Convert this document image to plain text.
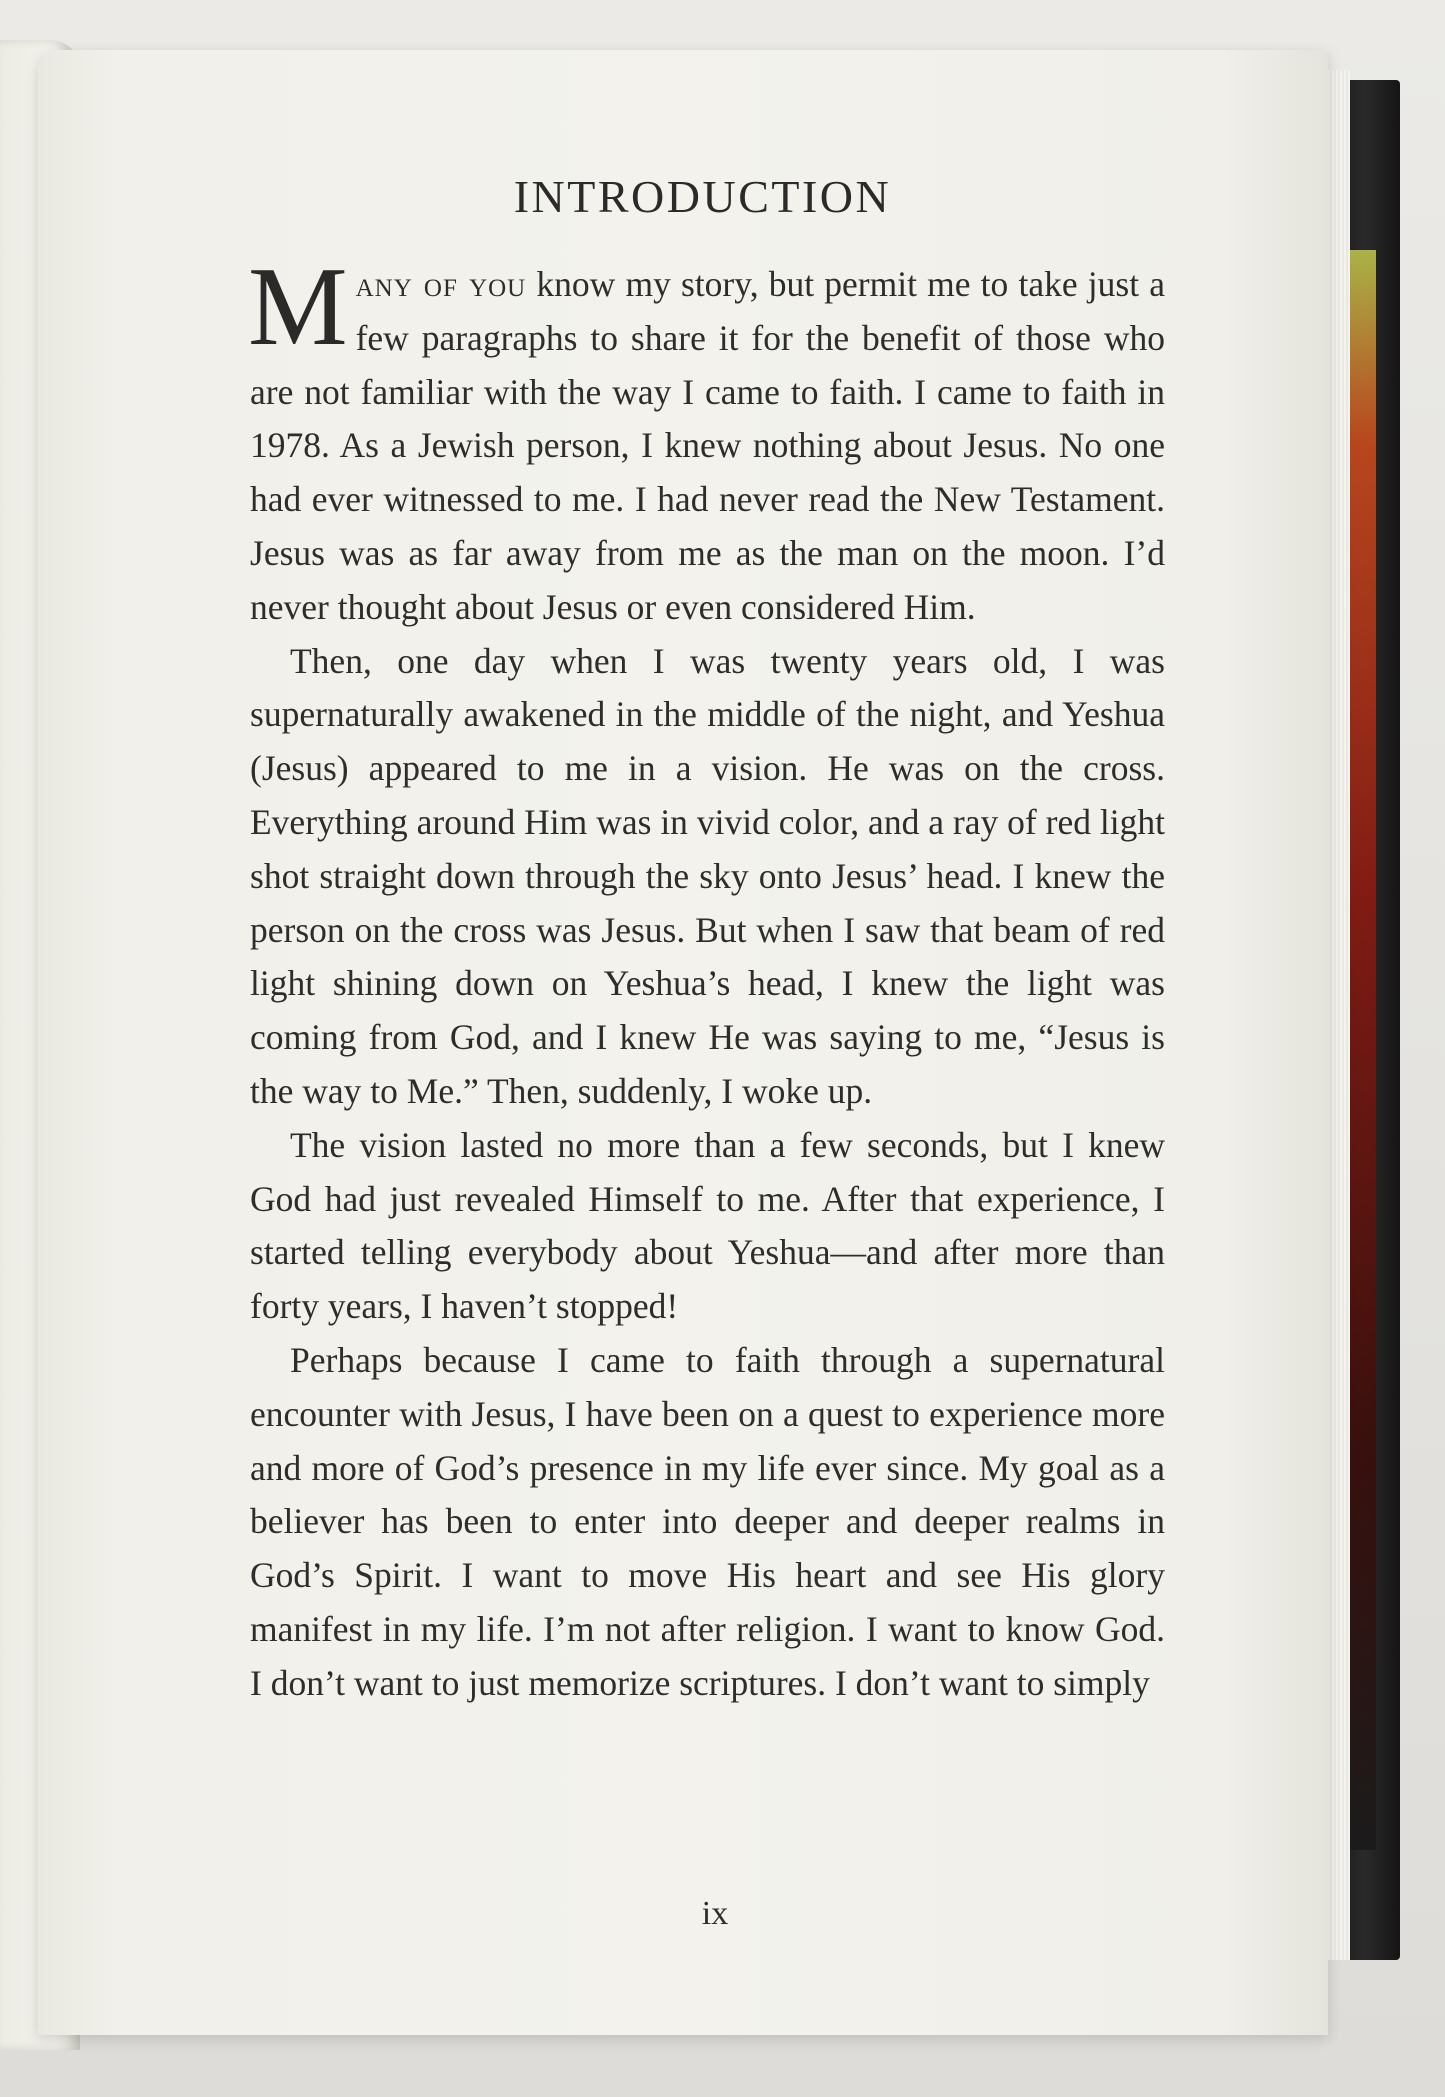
INTRODUCTION

Many of you know my story, but permit me to take just a few paragraphs to share it for the benefit of those who are not familiar with the way I came to faith. I came to faith in 1978. As a Jewish person, I knew nothing about Jesus. No one had ever witnessed to me. I had never read the New Testament. Jesus was as far away from me as the man on the moon. I’d never thought about Jesus or even considered Him.

Then, one day when I was twenty years old, I was supernaturally awakened in the middle of the night, and Yeshua (Jesus) appeared to me in a vision. He was on the cross. Everything around Him was in vivid color, and a ray of red light shot straight down through the sky onto Jesus’ head. I knew the person on the cross was Jesus. But when I saw that beam of red light shining down on Yeshua’s head, I knew the light was coming from God, and I knew He was saying to me, “Jesus is the way to Me.” Then, suddenly, I woke up.

The vision lasted no more than a few seconds, but I knew God had just revealed Himself to me. After that experience, I started telling everybody about Yeshua—and after more than forty years, I haven’t stopped!

Perhaps because I came to faith through a supernatural encounter with Jesus, I have been on a quest to experience more and more of God’s presence in my life ever since. My goal as a believer has been to enter into deeper and deeper realms in God’s Spirit. I want to move His heart and see His glory manifest in my life. I’m not after religion. I want to know God. I don’t want to just memorize scriptures. I don’t want to simply

ix
